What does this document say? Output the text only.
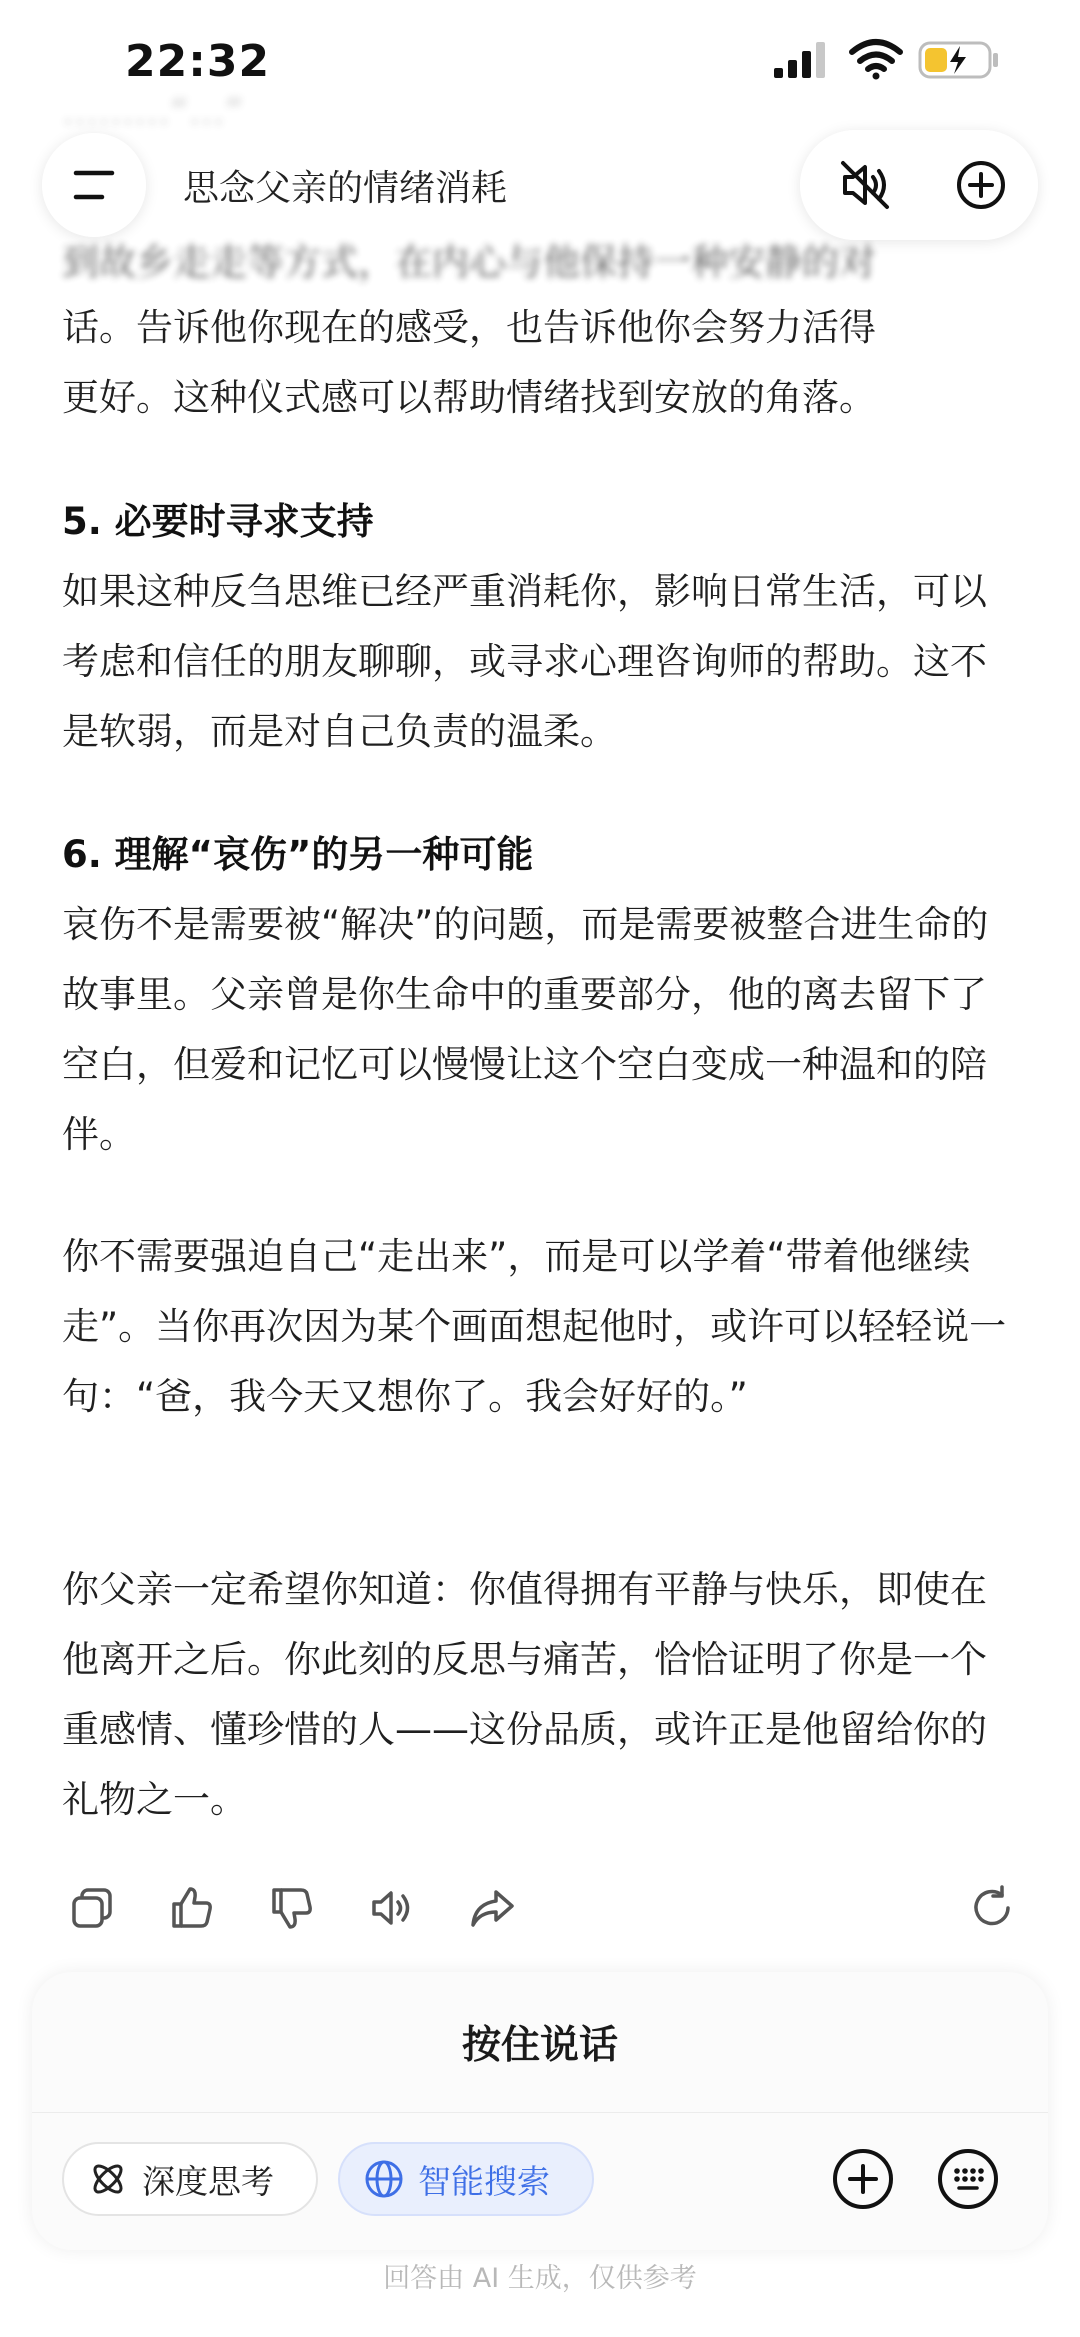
22:32
………“…”
到故乡走走等方式，在内心与他保持一种安静的对
思念父亲的情绪消耗

话。告诉他你现在的感受，也告诉他你会努力活得

更好。这种仪式感可以帮助情绪找到安放的角落。

5. 必要时寻求支持

如果这种反刍思维已经严重消耗你，影响日常生活，可以考虑和信任的朋友聊聊，或寻求心理咨询师的帮助。这不是软弱，而是对自己负责的温柔。

6. 理解“哀伤”的另一种可能

哀伤不是需要被“解决”的问题，而是需要被整合进生命的故事里。父亲曾是你生命中的重要部分，他的离去留下了空白，但爱和记忆可以慢慢让这个空白变成一种温和的陪伴。

你不需要强迫自己“走出来”，而是可以学着“带着他继续走”。当你再次因为某个画面想起他时，或许可以轻轻说一句：“爸，我今天又想你了。我会好好的。”

你父亲一定希望你知道：你值得拥有平静与快乐，即使在他离开之后。你此刻的反思与痛苦，恰恰证明了你是一个重感情、懂珍惜的人——这份品质，或许正是他留给你的礼物之一。

按住说话
深度思考	智能搜索
回答由 AI 生成，仅供参考
